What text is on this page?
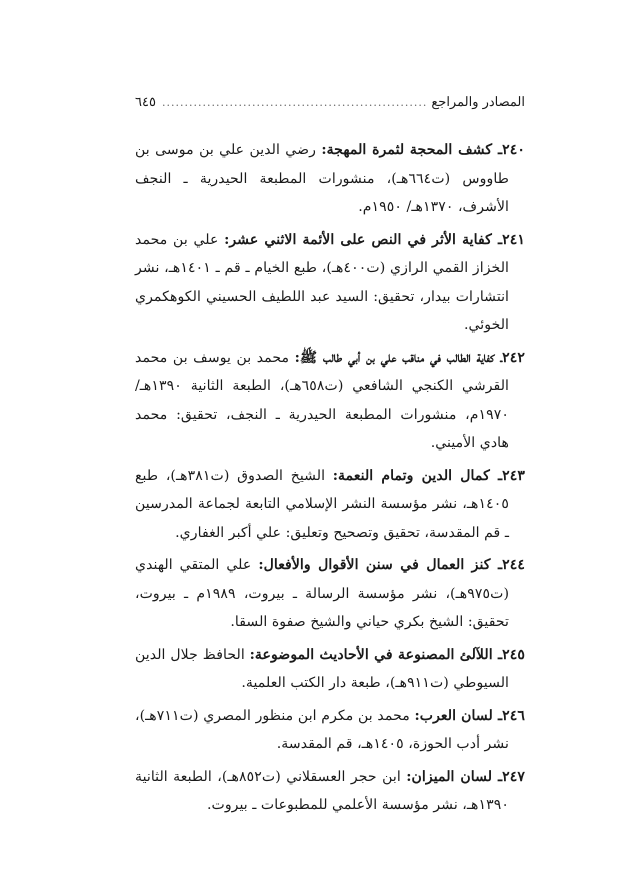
المصادر والمراجع
.....
٦٤٥

٢٤٠ـ كشف المحجة لثمرة المهجة: رضي الدين علي بن موسى بن طاووس (ت٦٦٤هـ)، منشورات المطبعة الحيدرية ـ النجف الأشرف، ١٣٧٠هـ/ ١٩٥٠م.

٢٤١ـ كفاية الأثر في النص على الأئمة الاثني عشر: علي بن محمد الخزاز القمي الرازي (ت٤٠٠هـ)، طبع الخيام ـ قم ـ ١٤٠١هـ، نشر انتشارات بيدار، تحقيق: السيد عبد اللطيف الحسيني الكوهكمري الخوئي.

٢٤٢ـ كفاية الطالب في مناقب علي بن أبي طالب ﷺ: محمد بن يوسف بن محمد القرشي الكنجي الشافعي (ت٦٥٨هـ)، الطبعة الثانية ١٣٩٠هـ/ ١٩٧٠م، منشورات المطبعة الحيدرية ـ النجف، تحقيق: محمد هادي الأميني.

٢٤٣ـ كمال الدين وتمام النعمة: الشيخ الصدوق (ت٣٨١هـ)، طبع ١٤٠٥هـ، نشر مؤسسة النشر الإسلامي التابعة لجماعة المدرسين ـ قم المقدسة، تحقيق وتصحيح وتعليق: علي أكبر الغفاري.

٢٤٤ـ كنز العمال في سنن الأقوال والأفعال: علي المتقي الهندي (ت٩٧٥هـ)، نشر مؤسسة الرسالة ـ بيروت، ١٩٨٩م ـ بيروت، تحقيق: الشيخ بكري حياني والشيخ صفوة السقا.

٢٤٥ـ اللآلئ المصنوعة في الأحاديث الموضوعة: الحافظ جلال الدين السيوطي (ت٩١١هـ)، طبعة دار الكتب العلمية.

٢٤٦ـ لسان العرب: محمد بن مكرم ابن منظور المصري (ت٧١١هـ)، نشر أدب الحوزة، ١٤٠٥هـ، قم المقدسة.

٢٤٧ـ لسان الميزان: ابن حجر العسقلاني (ت٨٥٢هـ)، الطبعة الثانية ١٣٩٠هـ، نشر مؤسسة الأعلمي للمطبوعات ـ بيروت.
